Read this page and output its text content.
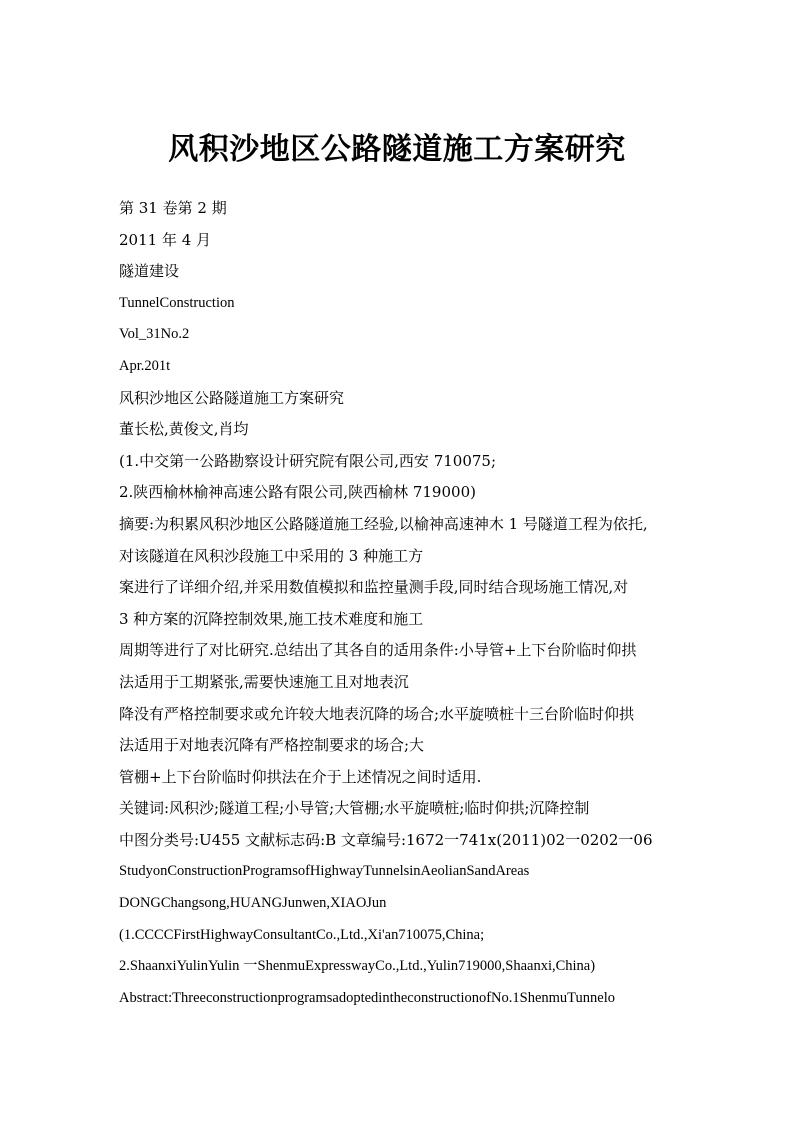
风积沙地区公路隧道施工方案研究
第 31 卷第 2 期
2011 年 4 月
隧道建设
TunnelConstruction
Vol_31No.2
Apr.201t
风积沙地区公路隧道施工方案研究
董长松,黄俊文,肖均
(1.中交第一公路勘察设计研究院有限公司,西安 710075;
2.陕西榆林榆神高速公路有限公司,陕西榆林 719000)
摘要:为积累风积沙地区公路隧道施工经验,以榆神高速神木 1 号隧道工程为依托,
对该隧道在风积沙段施工中采用的 3 种施工方
案进行了详细介绍,并采用数值模拟和监控量测手段,同时结合现场施工情况,对
3 种方案的沉降控制效果,施工技术难度和施工
周期等进行了对比研究.总结出了其各自的适用条件:小导管+上下台阶临时仰拱
法适用于工期紧张,需要快速施工且对地表沉
降没有严格控制要求或允许较大地表沉降的场合;水平旋喷桩十三台阶临时仰拱
法适用于对地表沉降有严格控制要求的场合;大
管棚+上下台阶临时仰拱法在介于上述情况之间时适用.
关键词:风积沙;隧道工程;小导管;大管棚;水平旋喷桩;临时仰拱;沉降控制
中图分类号:U455 文献标志码:B 文章编号:1672一741x(2011)02一0202一06
StudyonConstructionProgramsofHighwayTunnelsinAeolianSandAreas
DONGChangsong,HUANGJunwen,XIAOJun
(1.CCCCFirstHighwayConsultantCo.,Ltd.,Xi'an710075,China;
2.ShaanxiYulinYulin 一ShenmuExpresswayCo.,Ltd.,Yulin719000,Shaanxi,China)
Abstract:ThreeconstructionprogramsadoptedintheconstructionofNo.1ShenmuTunnelo
